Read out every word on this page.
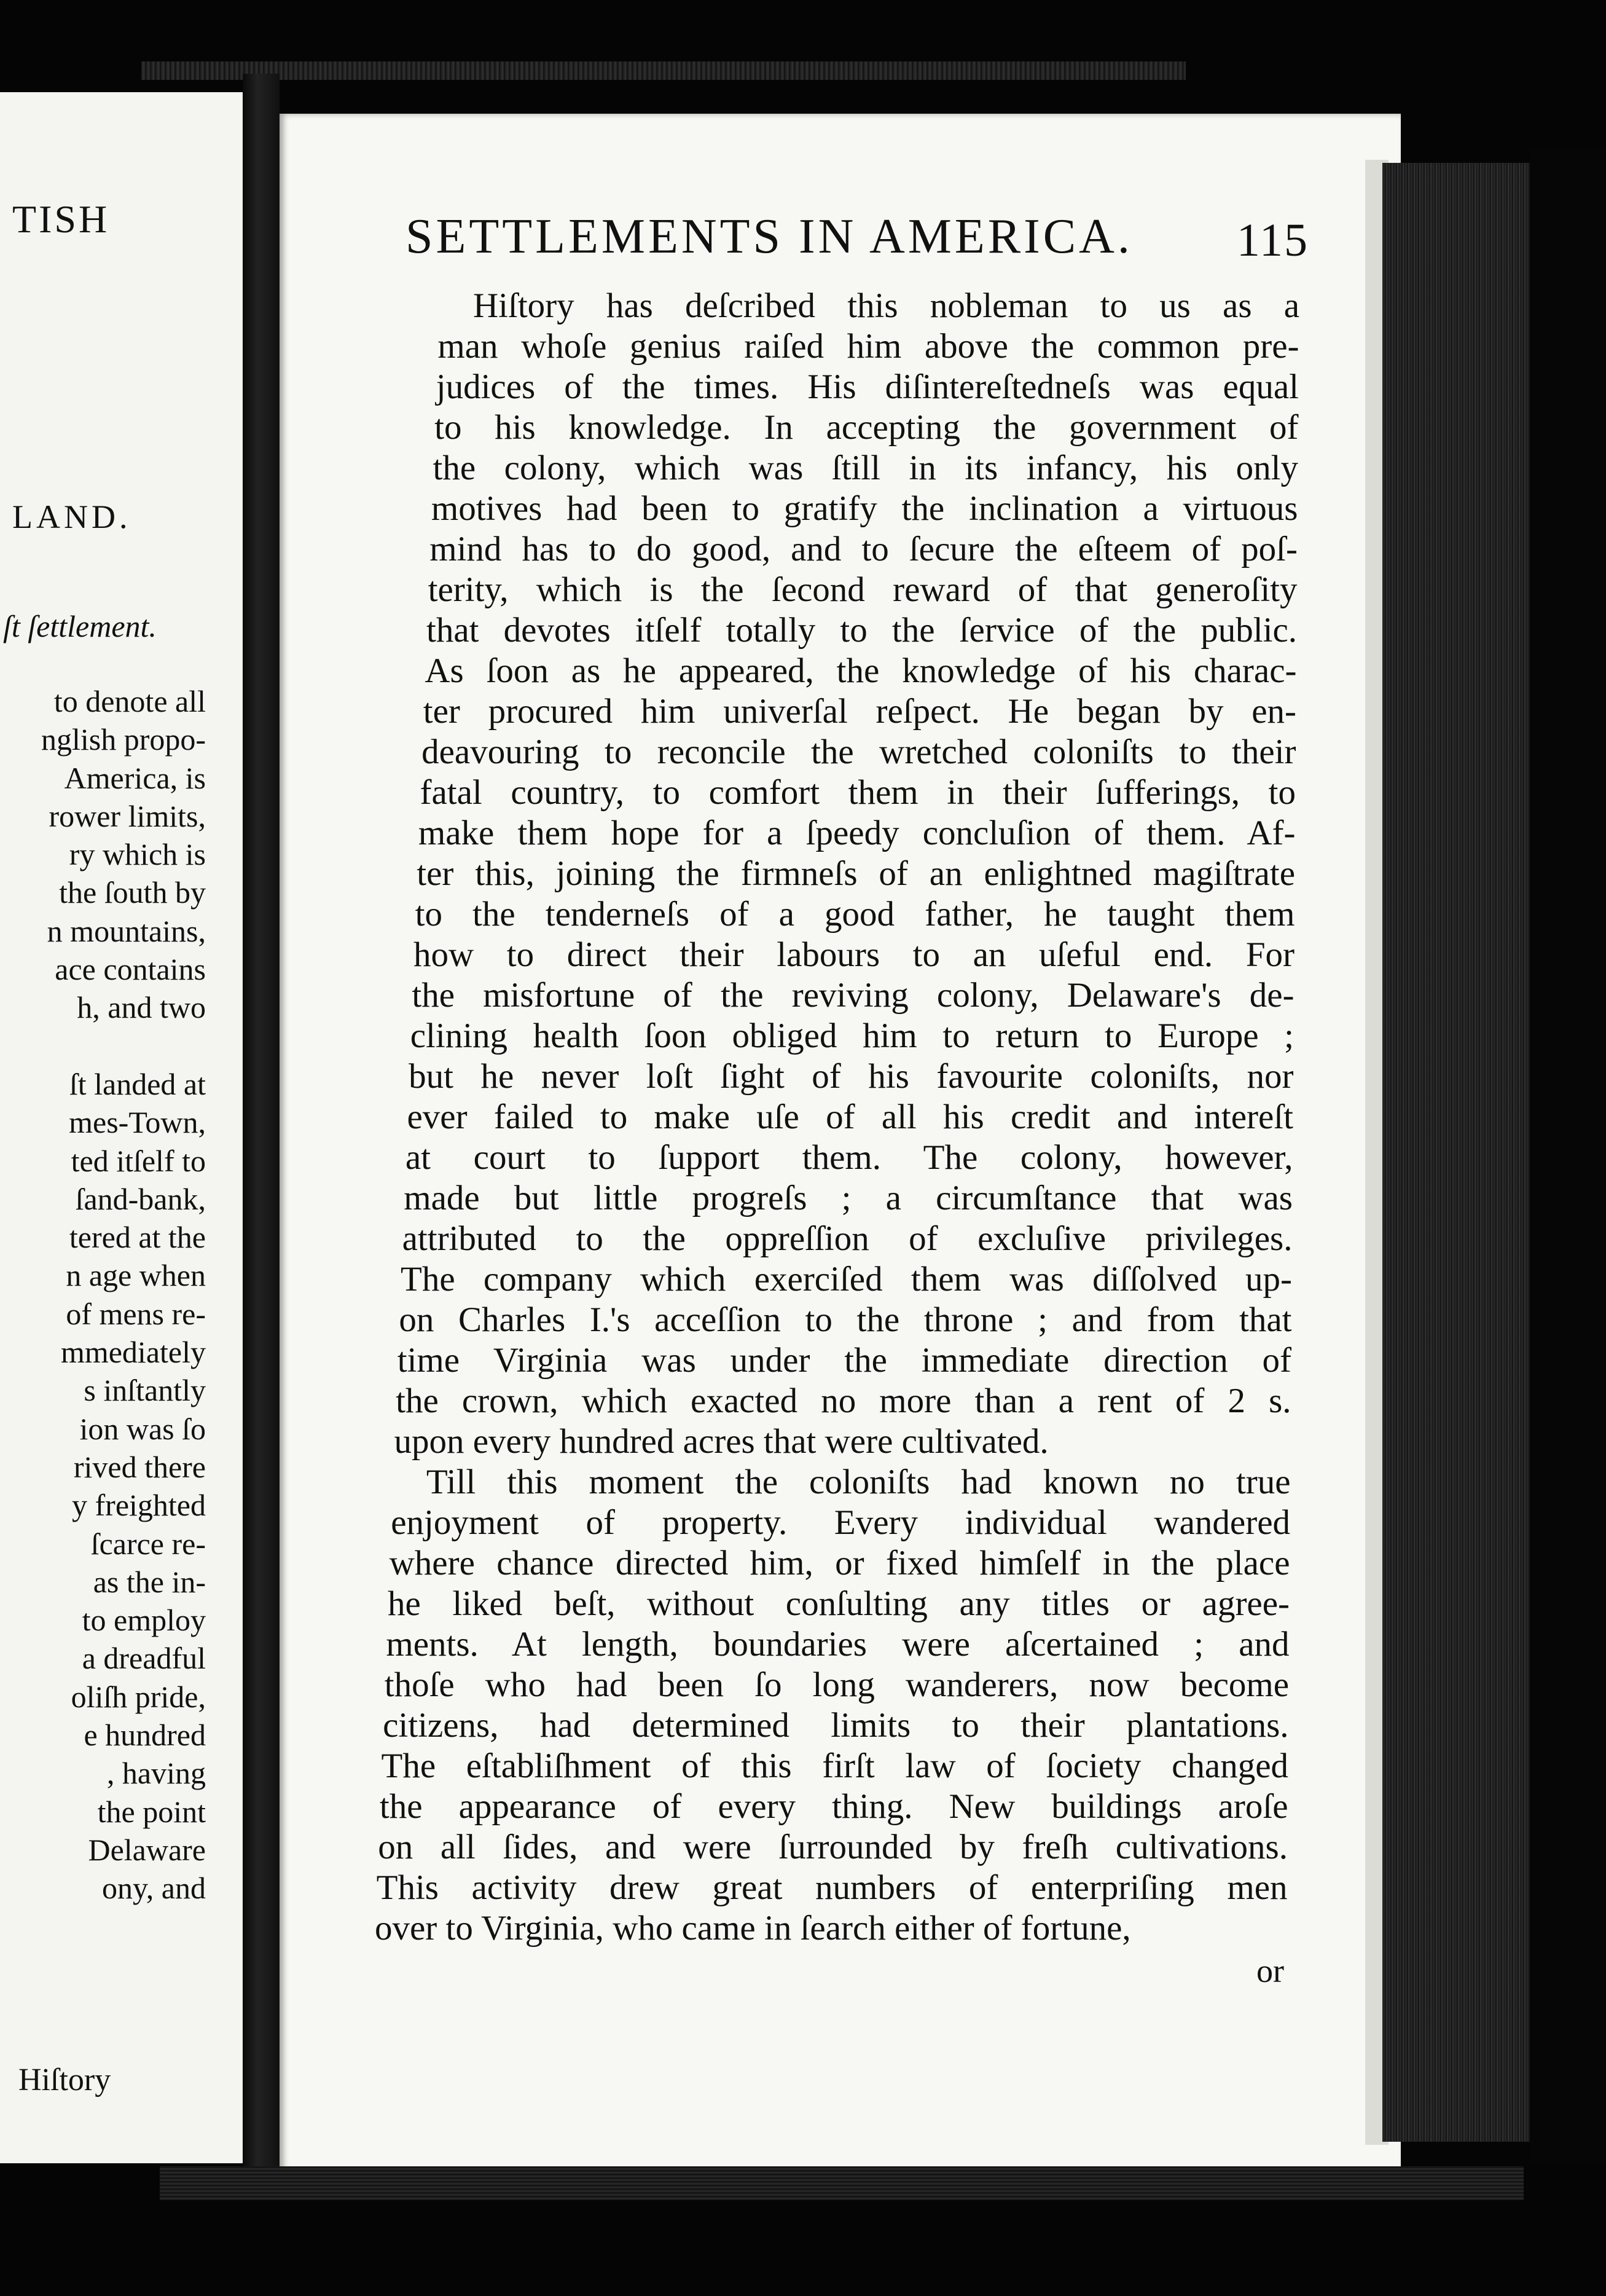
TISH
LAND.
ſt ſettlement.
to denote all
nglish propo-
America, is
rower limits,
ry which is
the ſouth by
n mountains,
ace contains
h, and two
ſt landed at
mes-Town,
ted itſelf to
ſand-bank,
tered at the
n age when
of mens re-
mmediately
s inſtantly
ion was ſo
rived there
y freighted
ſcarce re-
as the in-
to employ
a dreadful
oliſh pride,
e hundred
, having
the point
Delaware
ony, and
Hiſtory
SETTLEMENTS IN AMERICA. 115
Hiſtory has deſcribed this nobleman to us as a
man whoſe genius raiſed him above the common pre-
judices of the times. His diſintereſtedneſs was equal
to his knowledge. In accepting the government of
the colony, which was ſtill in its infancy, his only
motives had been to gratify the inclination a virtuous
mind has to do good, and to ſecure the eſteem of poſ-
terity, which is the ſecond reward of that generoſity
that devotes itſelf totally to the ſervice of the public.
As ſoon as he appeared, the knowledge of his charac-
ter procured him univerſal reſpect. He began by en-
deavouring to reconcile the wretched coloniſts to their
fatal country, to comfort them in their ſufferings, to
make them hope for a ſpeedy concluſion of them. Af-
ter this, joining the firmneſs of an enlightned magiſtrate
to the tenderneſs of a good father, he taught them
how to direct their labours to an uſeful end. For
the misfortune of the reviving colony, Delaware's de-
clining health ſoon obliged him to return to Europe ;
but he never loſt ſight of his favourite coloniſts, nor
ever failed to make uſe of all his credit and intereſt
at court to ſupport them. The colony, however,
made but little progreſs ; a circumſtance that was
attributed to the oppreſſion of excluſive privileges.
The company which exerciſed them was diſſolved up-
on Charles I.'s acceſſion to the throne ; and from that
time Virginia was under the immediate direction of
the crown, which exacted no more than a rent of 2 s.
upon every hundred acres that were cultivated.
Till this moment the coloniſts had known no true
enjoyment of property. Every individual wandered
where chance directed him, or fixed himſelf in the place
he liked beſt, without conſulting any titles or agree-
ments. At length, boundaries were aſcertained ; and
thoſe who had been ſo long wanderers, now become
citizens, had determined limits to their plantations.
The eſtabliſhment of this firſt law of ſociety changed
the appearance of every thing. New buildings aroſe
on all ſides, and were ſurrounded by freſh cultivations.
This activity drew great numbers of enterpriſing men
over to Virginia, who came in ſearch either of fortune,
or
